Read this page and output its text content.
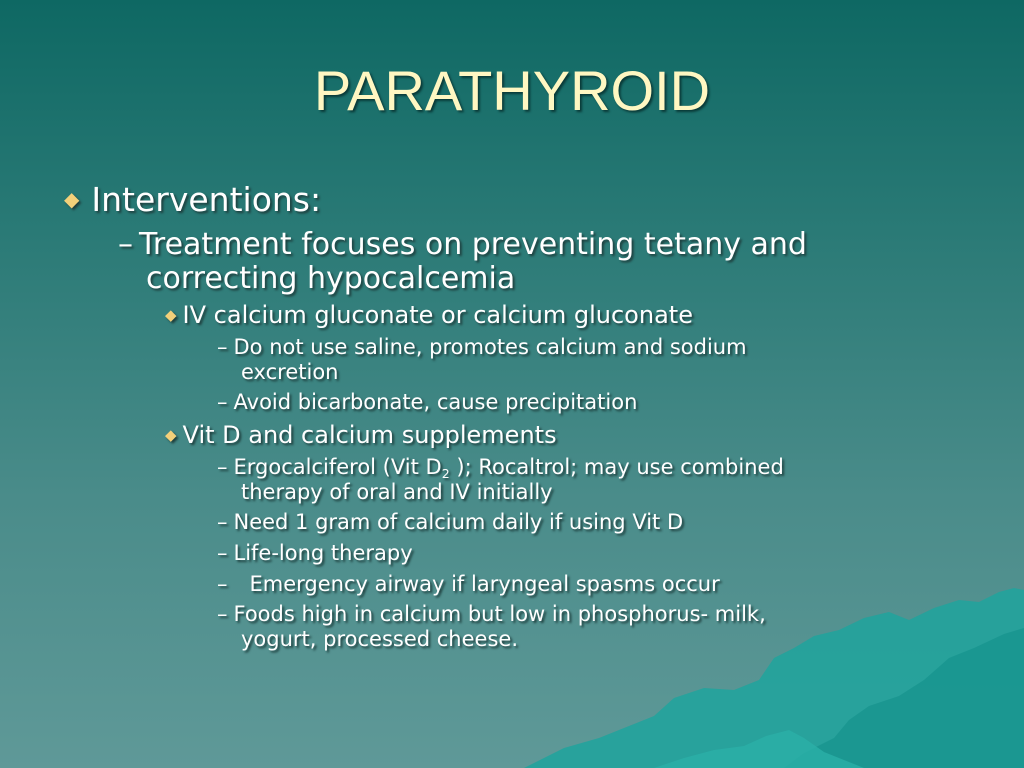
PARATHYROID
◆ Interventions:
– Treatment focuses on preventing tetany and
correcting hypocalcemia
◆ IV calcium gluconate or calcium gluconate
– Do not use saline, promotes calcium and sodium
excretion
– Avoid bicarbonate, cause precipitation
◆ Vit D and calcium supplements
– Ergocalciferol (Vit $D_2$ ); Rocaltrol; may use combined
therapy of oral and IV initially
– Need 1 gram of calcium daily if using Vit D
– Life-long therapy
– Emergency airway if laryngeal spasms occur
– Foods high in calcium but low in phosphorus- milk,
yogurt, processed cheese.
